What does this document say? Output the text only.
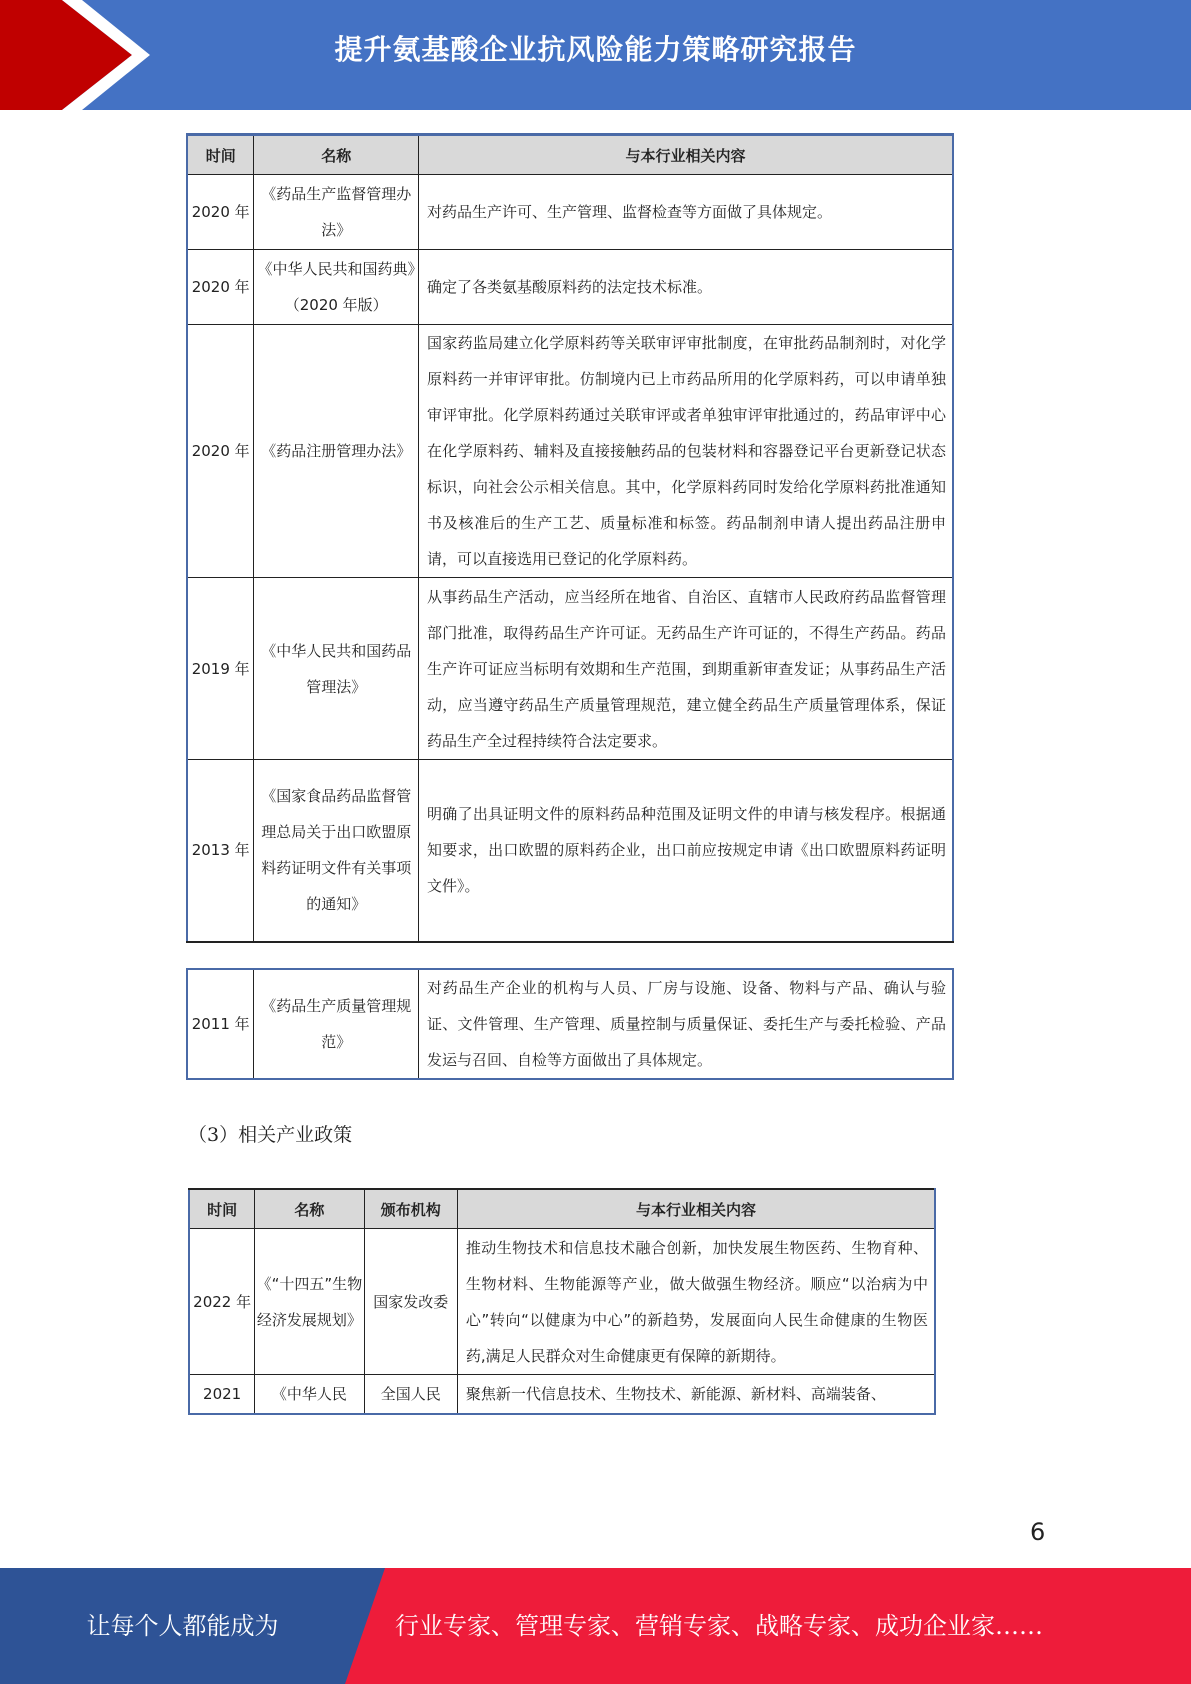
提升氨基酸企业抗风险能力策略研究报告
时间	名称	与本行业相关内容
2020 年	《药品生产监督管理办法》	对药品生产许可、生产管理、监督检查等方面做了具体规定。
2020 年	《中华人民共和国药典》（2020 年版）	确定了各类氨基酸原料药的法定技术标准。
2020 年	《药品注册管理办法》	国家药监局建立化学原料药等关联审评审批制度，在审批药品制剂时，对化学原料药一并审评审批。仿制境内已上市药品所用的化学原料药，可以申请单独审评审批。化学原料药通过关联审评或者单独审评审批通过的，药品审评中心在化学原料药、辅料及直接接触药品的包装材料和容器登记平台更新登记状态标识，向社会公示相关信息。其中，化学原料药同时发给化学原料药批准通知书及核准后的生产工艺、质量标准和标签。药品制剂申请人提出药品注册申请，可以直接选用已登记的化学原料药。
2019 年	《中华人民共和国药品管理法》	从事药品生产活动，应当经所在地省、自治区、直辖市人民政府药品监督管理部门批准，取得药品生产许可证。无药品生产许可证的，不得生产药品。药品生产许可证应当标明有效期和生产范围，到期重新审查发证；从事药品生产活动，应当遵守药品生产质量管理规范，建立健全药品生产质量管理体系，保证药品生产全过程持续符合法定要求。
2013 年	《国家食品药品监督管理总局关于出口欧盟原料药证明文件有关事项的通知》	明确了出具证明文件的原料药品种范围及证明文件的申请与核发程序。根据通知要求，出口欧盟的原料药企业，出口前应按规定申请《出口欧盟原料药证明文件》。
2011 年	《药品生产质量管理规范》	对药品生产企业的机构与人员、厂房与设施、设备、物料与产品、确认与验证、文件管理、生产管理、质量控制与质量保证、委托生产与委托检验、产品发运与召回、自检等方面做出了具体规定。
（3）相关产业政策
时间	名称	颁布机构	与本行业相关内容
2022 年	《“十四五”生物经济发展规划》	国家发改委	推动生物技术和信息技术融合创新，加快发展生物医药、生物育种、生物材料、生物能源等产业，做大做强生物经济。顺应“以治病为中心”转向“以健康为中心”的新趋势，发展面向人民生命健康的生物医药,满足人民群众对生命健康更有保障的新期待。
2021	《中华人民	全国人民	聚焦新一代信息技术、生物技术、新能源、新材料、高端装备、
6
让每个人都能成为	行业专家、管理专家、营销专家、战略专家、成功企业家……
